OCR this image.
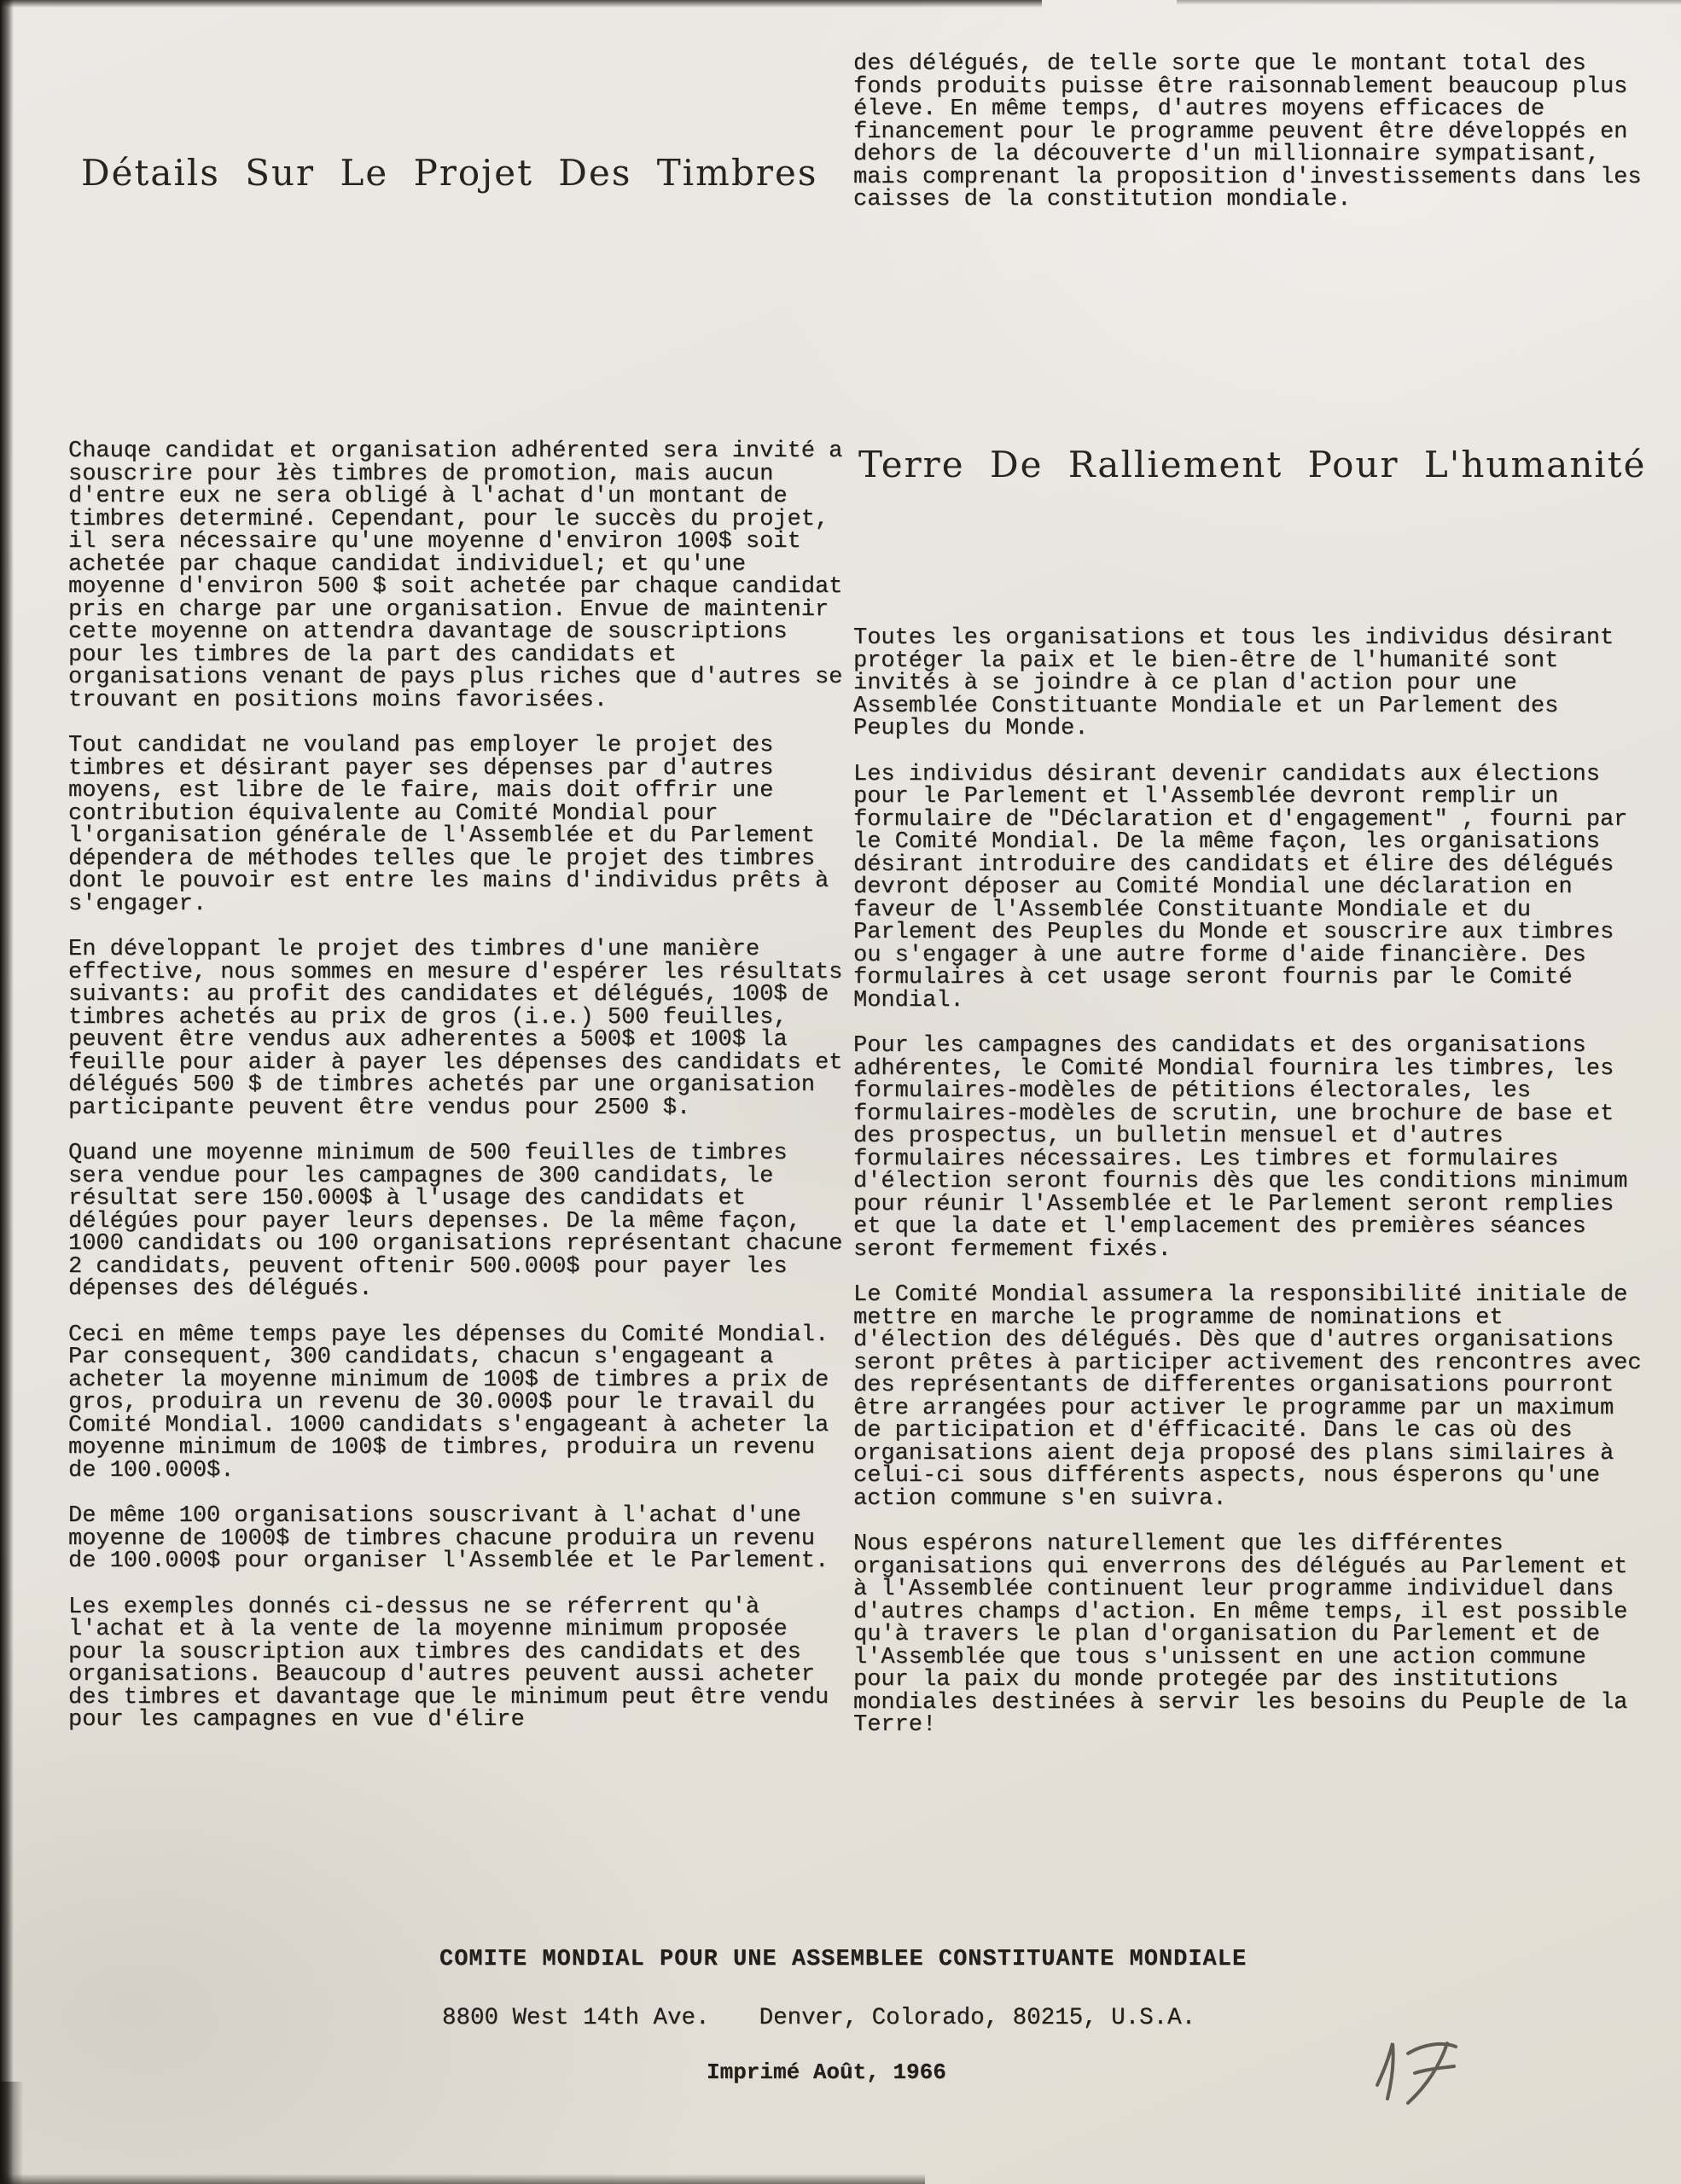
des délégués, de telle sorte que le montant total des fonds produits puisse être raisonnablement beaucoup plus éleve. En même temps, d'autres moyens efficaces de financement pour le programme peuvent être développés en dehors de la découverte d'un millionnaire sympatisant, mais comprenant la proposition d'investissements dans les caisses de la constitution mondiale.

Détails Sur Le Projet Des Timbres

Chauqe candidat et organisation adhérented sera invité a souscrire pour łès timbres de promotion, mais aucun d'entre eux ne sera obligé à l'achat d'un montant de timbres determiné. Cependant, pour le succès du projet, il sera nécessaire qu'une moyenne d'environ 100$ soit achetée par chaque candidat individuel; et qu'une moyenne d'environ 500 $ soit achetée par chaque candidat pris en charge par une organisation. Envue de maintenir cette moyenne on attendra davantage de souscriptions pour les timbres de la part des candidats et organisations venant de pays plus riches que d'autres se trouvant en positions moins favorisées.

Tout candidat ne vouland pas employer le projet des timbres et désirant payer ses dépenses par d'autres moyens, est libre de le faire, mais doit offrir une contribution équivalente au Comité Mondial pour l'organisation générale de l'Assemblée et du Parlement dépendera de méthodes telles que le projet des timbres dont le pouvoir est entre les mains d'individus prêts à s'engager.

En développant le projet des timbres d'une manière effective, nous sommes en mesure d'espérer les résultats suivants: au profit des candidates et délégués, 100$ de timbres achetés au prix de gros (i.e.) 500 feuilles, peuvent être vendus aux adherentes a 500$ et 100$ la feuille pour aider à payer les dépenses des candidats et délégués 500 $ de timbres achetés par une organisation participante peuvent être vendus pour 2500 $.

Quand une moyenne minimum de 500 feuilles de timbres sera vendue pour les campagnes de 300 candidats, le résultat sere 150.000$ à l'usage des candidats et délégúes pour payer leurs depenses. De la même façon, 1000 candidats ou 100 organisations représentant chacune 2 candidats, peuvent oftenir 500.000$ pour payer les dépenses des délégués.

Ceci en même temps paye les dépenses du Comité Mondial. Par consequent, 300 candidats, chacun s'engageant a acheter la moyenne minimum de 100$ de timbres a prix de gros, produira un revenu de 30.000$ pour le travail du Comité Mondial. 1000 candidats s'engageant à acheter la moyenne minimum de 100$ de timbres, produira un revenu de 100.000$.

De même 100 organisations souscrivant à l'achat d'une moyenne de 1000$ de timbres chacune produira un revenu de 100.000$ pour organiser l'Assemblée et le Parlement.

Les exemples donnés ci-dessus ne se réferrent qu'à l'achat et à la vente de la moyenne minimum proposée pour la souscription aux timbres des candidats et des organisations. Beaucoup d'autres peuvent aussi acheter des timbres et davantage que le minimum peut être vendu pour les campagnes en vue d'élire

Terre De Ralliement Pour L'humanité

Toutes les organisations et tous les individus désirant protéger la paix et le bien-être de l'humanité sont invités à se joindre à ce plan d'action pour une Assemblée Constituante Mondiale et un Parlement des Peuples du Monde.

Les individus désirant devenir candidats aux élections pour le Parlement et l'Assemblée devront remplir un formulaire de "Déclaration et d'engagement" , fourni par le Comité Mondial. De la même façon, les organisations désirant introduire des candidats et élire des délégués devront déposer au Comité Mondial une déclaration en faveur de l'Assemblée Constituante Mondiale et du Parlement des Peuples du Monde et souscrire aux timbres ou s'engager à une autre forme d'aide financière. Des formulaires à cet usage seront fournis par le Comité Mondial.

Pour les campagnes des candidats et des organisations adhérentes, le Comité Mondial fournira les timbres, les formulaires-modèles de pétitions électorales, les formulaires-modèles de scrutin, une brochure de base et des prospectus, un bulletin mensuel et d'autres formulaires nécessaires. Les timbres et formulaires d'élection seront fournis dès que les conditions minimum pour réunir l'Assemblée et le Parlement seront remplies et que la date et l'emplacement des premières séances seront fermement fixés.

Le Comité Mondial assumera la responsibilité initiale de mettre en marche le programme de nominations et d'élection des délégués. Dès que d'autres organisations seront prêtes à participer activement des rencontres avec des représentants de differentes organisations pourront être arrangées pour activer le programme par un maximum de participation et d'éfficacité. Dans le cas où des organisations aient deja proposé des plans similaires à celui-ci sous différents aspects, nous ésperons qu'une action commune s'en suivra.

Nous espérons naturellement que les différentes organisations qui enverrons des délégués au Parlement et à l'Assemblée continuent leur programme individuel dans d'autres champs d'action. En même temps, il est possible qu'à travers le plan d'organisation du Parlement et de l'Assemblée que tous s'unissent en une action commune pour la paix du monde protegée par des institutions mondiales destinées à servir les besoins du Peuple de la Terre!

COMITE MONDIAL POUR UNE ASSEMBLEE CONSTITUANTE MONDIALE
8800 West 14th Ave. Denver, Colorado, 80215, U.S.A.
Imprimé Août, 1966
